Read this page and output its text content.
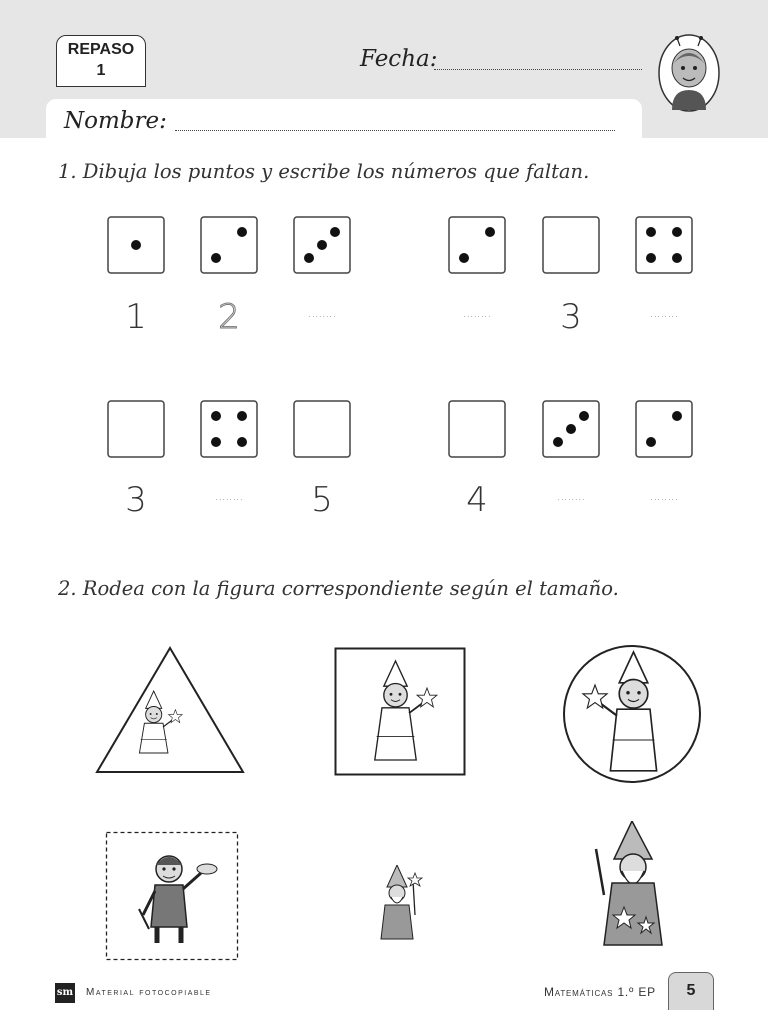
REPASO
1	Fecha:
Nombre:
1. Dibuja los puntos y escribe los números que faltan.
1	2	........	........	3	........
3	........	5	4	........	........
2. Rodea con la figura correspondiente según el tamaño.
sm Material fotocopiable	Matemáticas 1.º EP	5
